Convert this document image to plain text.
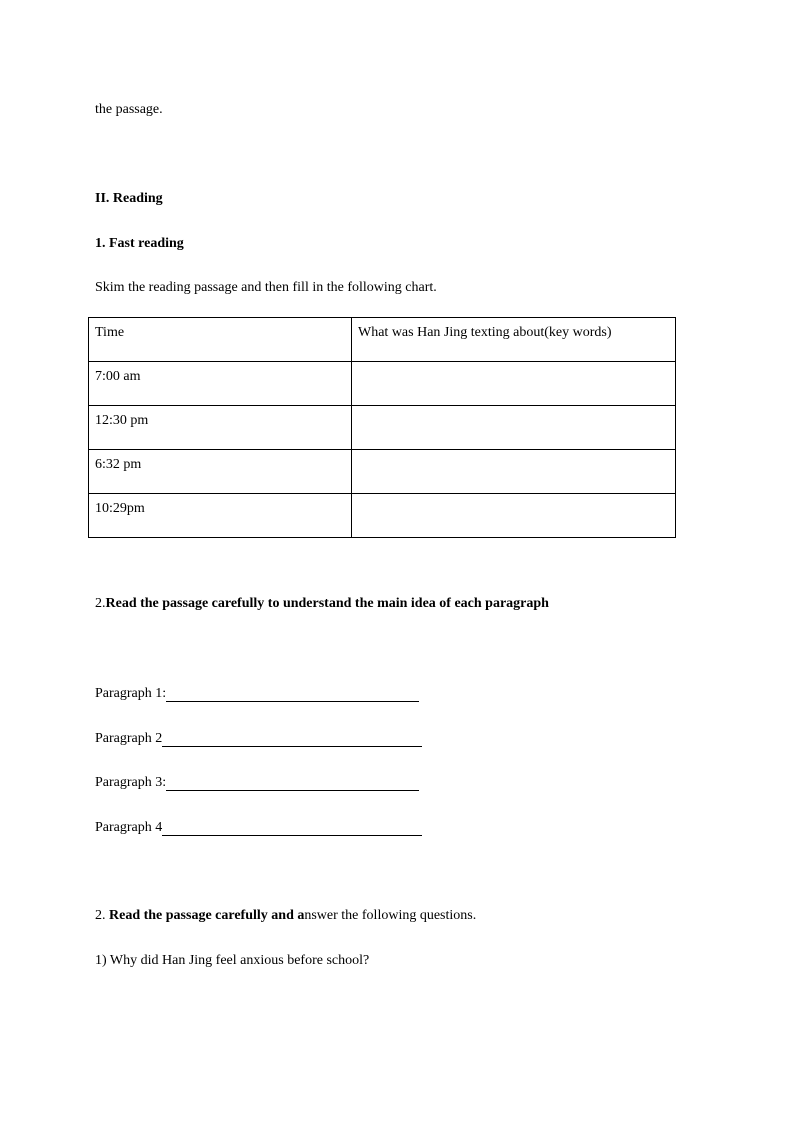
the passage.
II. Reading
1. Fast reading
Skim the reading passage and then fill in the following chart.
Time	What was Han Jing texting about(key words)
7:00 am	
12:30 pm	
6:32 pm	
10:29pm	
2.Read the passage carefully to understand the main idea of each paragraph
Paragraph 1:
Paragraph 2
Paragraph 3:
Paragraph 4
2. Read the passage carefully and answer the following questions.
1) Why did Han Jing feel anxious before school?
